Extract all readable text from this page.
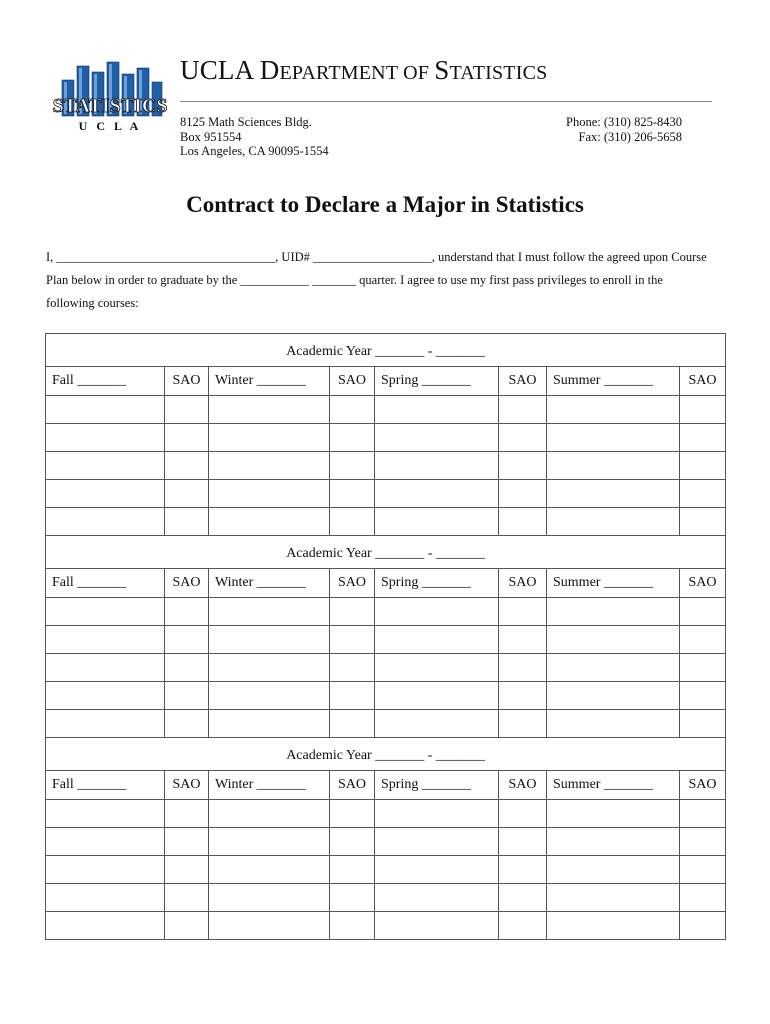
STATISTICS
U C L A
UCLA DEPARTMENT OF STATISTICS
8125 Math Sciences Bldg.
Box 951554
Los Angeles, CA 90095-1554
Phone: (310) 825-8430
Fax: (310) 206-5658
Contract to Declare a Major in Statistics
I, ___________________________________, UID# ___________________, understand that I must follow the agreed upon Course
Plan below in order to graduate by the ___________ _______ quarter. I agree to use my first pass privileges to enroll in the
following courses:
Academic Year _______ - _______							
Fall _______	SAO	Winter _______	SAO	Spring _______	SAO	Summer _______	SAO

Academic Year _______ - _______							
Fall _______	SAO	Winter _______	SAO	Spring _______	SAO	Summer _______	SAO

Academic Year _______ - _______							
Fall _______	SAO	Winter _______	SAO	Spring _______	SAO	Summer _______	SAO
